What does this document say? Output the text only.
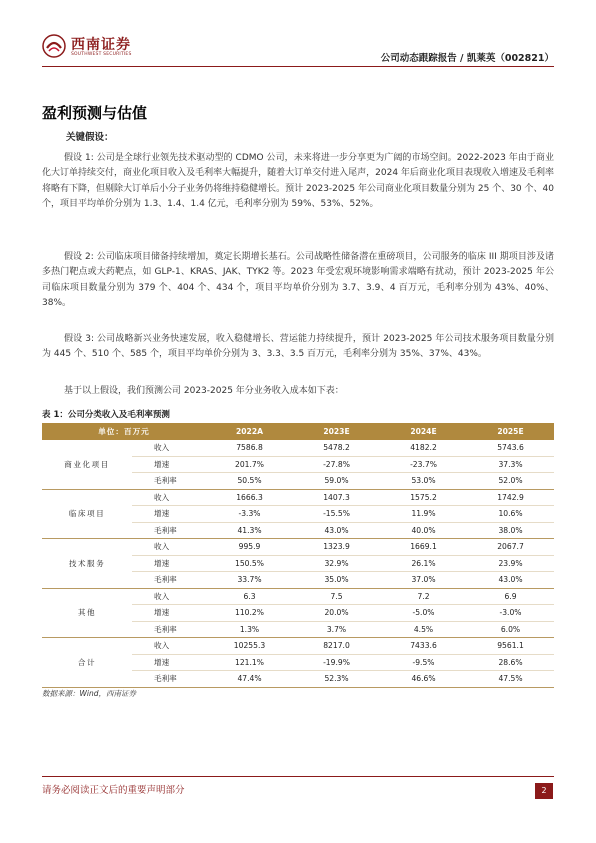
西南证券
SOUTHWEST SECURITIES	公司动态跟踪报告 / 凯莱英（002821）
盈利预测与估值
关键假设：
假设 1: 公司是全球行业领先技术驱动型的 CDMO 公司，未来将进一步分享更为广阔的市场空间。2022-2023 年由于商业化大订单持续交付，商业化项目收入及毛利率大幅提升，随着大订单交付进入尾声，2024 年后商业化项目表现收入增速及毛利率将略有下降，但剔除大订单后小分子业务仍将维持稳健增长。预计 2023-2025 年公司商业化项目数量分别为 25 个、30 个、40 个，项目平均单价分别为 1.3、1.4、1.4 亿元，毛利率分别为 59%、53%、52%。
假设 2: 公司临床项目储备持续增加，奠定长期增长基石。公司战略性储备潜在重磅项目，公司服务的临床 III 期项目涉及诸多热门靶点或大药靶点，如 GLP-1、KRAS、JAK、TYK2 等。2023 年受宏观环境影响需求端略有扰动，预计 2023-2025 年公司临床项目数量分别为 379 个、404 个、434 个，项目平均单价分别为 3.7、3.9、4 百万元，毛利率分别为 43%、40%、38%。
假设 3: 公司战略新兴业务快速发展，收入稳健增长、营运能力持续提升，预计 2023-2025 年公司技术服务项目数量分别为 445 个、510 个、585 个，项目平均单价分别为 3、3.3、3.5 百万元，毛利率分别为 35%、37%、43%。
基于以上假设，我们预测公司 2023-2025 年分业务收入成本如下表：
表 1：公司分类收入及毛利率预测
单位：百万元		2022A	2023E	2024E	2025E
商业化项目	收入	7586.8	5478.2	4182.2	5743.6
	增速	201.7%	-27.8%	-23.7%	37.3%
	毛利率	50.5%	59.0%	53.0%	52.0%
临床项目	收入	1666.3	1407.3	1575.2	1742.9
	增速	-3.3%	-15.5%	11.9%	10.6%
	毛利率	41.3%	43.0%	40.0%	38.0%
技术服务	收入	995.9	1323.9	1669.1	2067.7
	增速	150.5%	32.9%	26.1%	23.9%
	毛利率	33.7%	35.0%	37.0%	43.0%
其他	收入	6.3	7.5	7.2	6.9
	增速	110.2%	20.0%	-5.0%	-3.0%
	毛利率	1.3%	3.7%	4.5%	6.0%
合计	收入	10255.3	8217.0	7433.6	9561.1
	增速	121.1%	-19.9%	-9.5%	28.6%
	毛利率	47.4%	52.3%	46.6%	47.5%
数据来源：Wind，西南证券
请务必阅读正文后的重要声明部分	2
